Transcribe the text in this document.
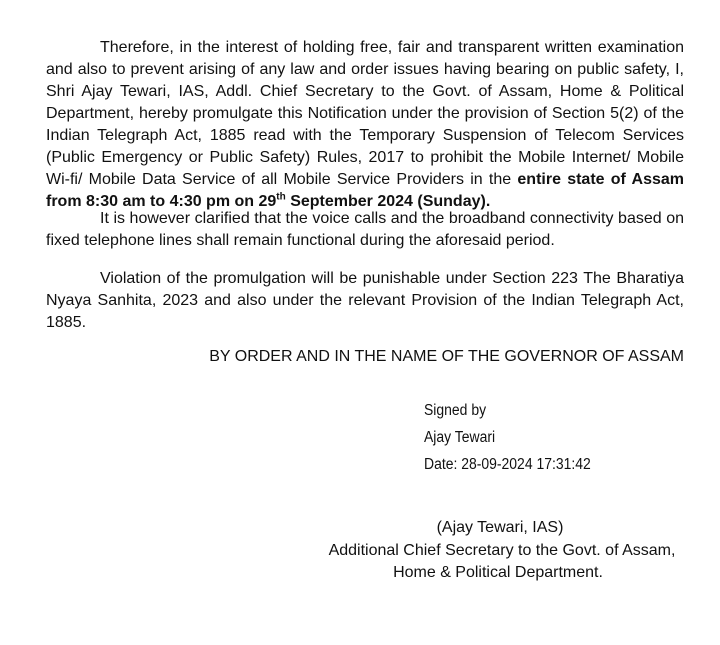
Therefore, in the interest of holding free, fair and transparent written examination and also to prevent arising of any law and order issues having bearing on public safety, I, Shri Ajay Tewari, IAS, Addl. Chief Secretary to the Govt. of Assam, Home & Political Department, hereby promulgate this Notification under the provision of Section 5(2) of the Indian Telegraph Act, 1885 read with the Temporary Suspension of Telecom Services (Public Emergency or Public Safety) Rules, 2017 to prohibit the Mobile Internet/ Mobile Wi-fi/ Mobile Data Service of all Mobile Service Providers in the entire state of Assam from 8:30 am to 4:30 pm on 29th September 2024 (Sunday).

It is however clarified that the voice calls and the broadband connectivity based on fixed telephone lines shall remain functional during the aforesaid period.

Violation of the promulgation will be punishable under Section 223 The Bharatiya Nyaya Sanhita, 2023 and also under the relevant Provision of the Indian Telegraph Act, 1885.

BY ORDER AND IN THE NAME OF THE GOVERNOR OF ASSAM
Signed by
Ajay Tewari
Date: 28-09-2024 17:31:42
(Ajay Tewari, IAS)
Additional Chief Secretary to the Govt. of Assam,
Home & Political Department.
